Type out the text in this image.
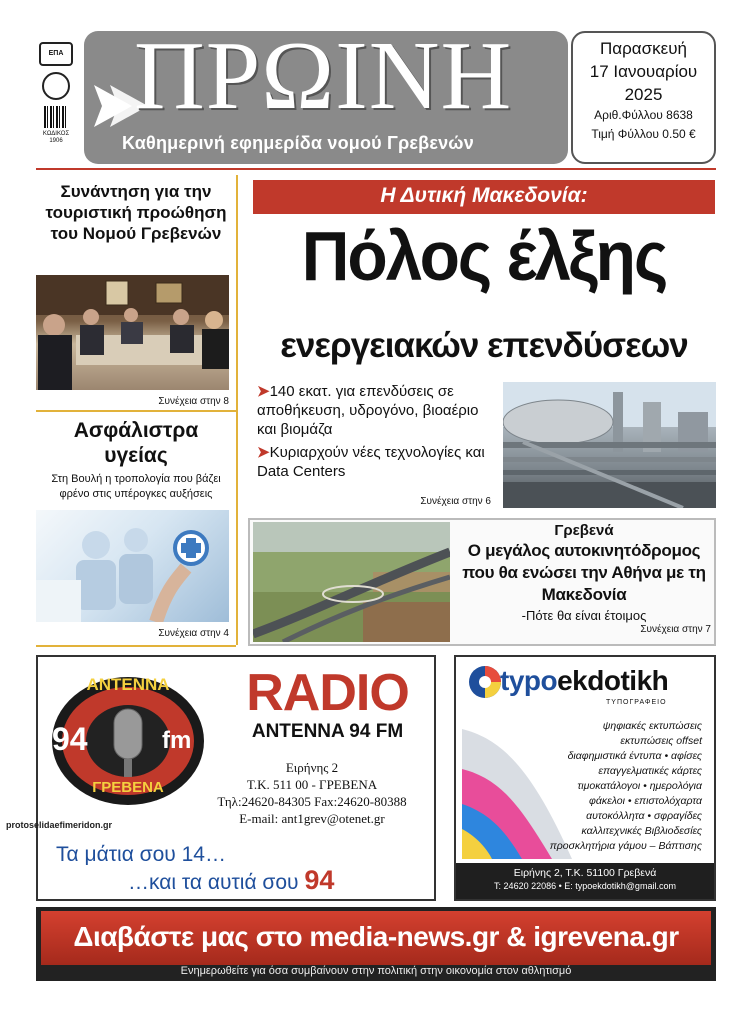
ΕΠΑ
ΚΩΔΙΚΟΣ
1906
ΠΡΩΙΝΗ
Καθημερινή εφημερίδα νομού Γρεβενών
Παρασκευή
17 Ιανουαρίου
2025
Αριθ.Φύλλου 8638
Τιμή Φύλλου 0.50 €
Συνάντηση για την τουριστική προώθηση του Νομού Γρεβενών
Συνέχεια στην 8
Ασφάλιστρα υγείας
Στη Βουλή η τροπολογία που βάζει φρένο στις υπέρογκες αυξήσεις
Συνέχεια στην 4
Η Δυτική Μακεδονία:
Πόλος έλξης
ενεργειακών επενδύσεων
➤140 εκατ. για επενδύσεις σε αποθήκευση, υδρογόνο, βιοαέριο και βιομάζα
➤Κυριαρχούν νέες τεχνολογίες και Data Centers
Συνέχεια στην 6
Γρεβενά
Ο μεγάλος αυτοκινητόδρομος που θα ενώσει την Αθήνα με τη Μακεδονία
-Πότε θα είναι έτοιμος
Συνέχεια στην 7
ΑΝΤΕΝΝΑ
94	fm
ΓΡΕΒΕΝΑ
RADIO
ANTENNA 94 FM
Ειρήνης 2
Τ.Κ. 511 00 - ΓΡΕΒΕΝΑ
Τηλ:24620-84305 Fax:24620-80388
E-mail: ant1grev@otenet.gr
Τα μάτια σου 14…
…και τα αυτιά σου 94
typoekdotikh
ΤΥΠΟΓΡΑΦΕΙΟ
ψηφιακές εκτυπώσεις
εκτυπώσεις offset
διαφημιστικά έντυπα • αφίσες
επαγγελματικές κάρτες
τιμοκατάλογοι • ημερολόγια
φάκελοι • επιστολόχαρτα
αυτοκόλλητα • σφραγίδες
καλλιτεχνικές Βιβλιοδεσίες
προσκλητήρια γάμου – Βάπτισης
Ειρήνης 2, Τ.Κ. 51100 Γρεβενά
Τ: 24620 22086 • E: typoekdotikh@gmail.com
Διαβάστε μας στο media-news.gr & igrevena.gr
Ενημερωθείτε για όσα συμβαίνουν στην πολιτική στην οικονομία στον αθλητισμό
protoselidaefimeridon.gr
